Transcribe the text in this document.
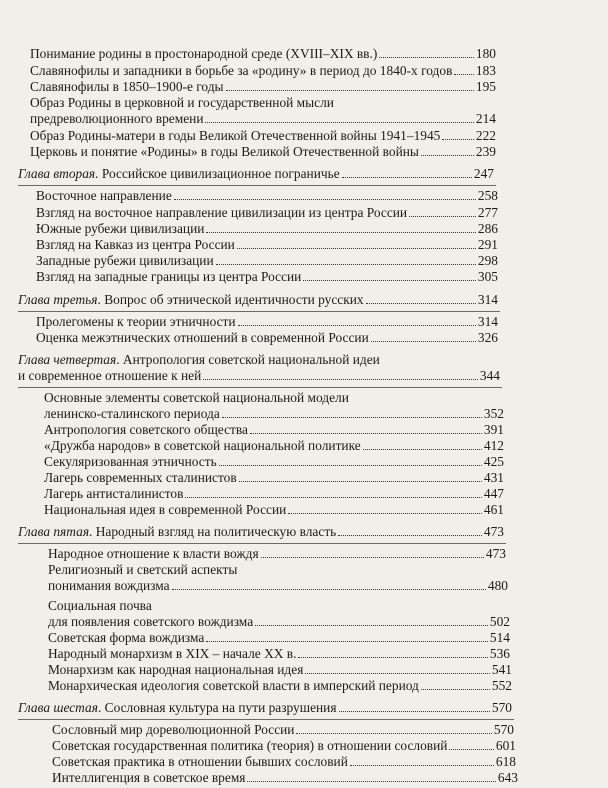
Понимание родины в простонародной среде (XVIII–XIX вв.)	180
Славянофилы и западники в борьбе за «родину» в период до 1840-х годов 183
Славянофилы в 1850–1900-е годы	195
Образ Родины в церковной и государственной мысли
предреволюционного времени	214
Образ Родины-матери в годы Великой Отечественной войны 1941–1945	222
Церковь и понятие «Родины» в годы Великой Отечественной войны	239
Глава вторая. Российское цивилизационное пограничье	247
Восточное направление	258
Взгляд на восточное направление цивилизации из центра России	277
Южные рубежи цивилизации	286
Взгляд на Кавказ из центра России	291
Западные рубежи цивилизации	298
Взгляд на западные границы из центра России	305
Глава третья. Вопрос об этнической идентичности русских	314
Пролегомены к теории этничности	314
Оценка межэтнических отношений в современной России	326
Глава четвертая. Антропология советской национальной идеи
и современное отношение к ней	344
Основные элементы советской национальной модели
ленинско-сталинского периода	352
Антропология советского общества	391
«Дружба народов» в советской национальной политике	412
Секуляризованная этничность	425
Лагерь современных сталинистов	431
Лагерь антисталинистов	447
Национальная идея в современной России	461
Глава пятая. Народный взгляд на политическую власть	473
Народное отношение к власти вождя	473
Религиозный и светский аспекты
понимания вождизма	480
Социальная почва
для появления советского вождизма	502
Советская форма вождизма	514
Народный монархизм в XIX – начале XX в.	536
Монархизм как народная национальная идея	541
Монархическая идеология советской власти в имперский период	552
Глава шестая. Сословная культура на пути разрушения	570
Сословный мир дореволюционной России	570
Советская государственная политика (теория) в отношении сословий	601
Советская практика в отношении бывших сословий	618
Интеллигенция в советское время	643
